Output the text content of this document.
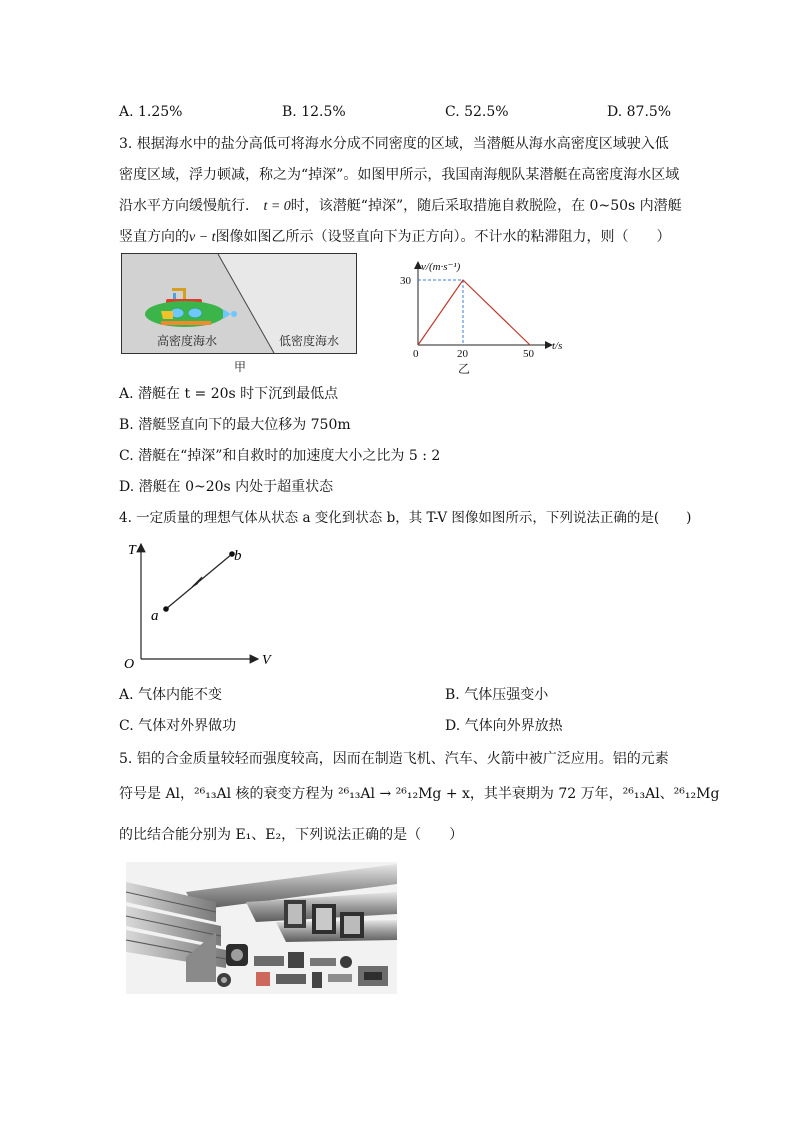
A. 1.25%	B. 12.5%	C. 52.5%	D. 87.5%
3. 根据海水中的盐分高低可将海水分成不同密度的区域，当潜艇从海水高密度区域驶入低
密度区域，浮力顿减，称之为“掉深”。如图甲所示，我国南海舰队某潜艇在高密度海水区域
沿水平方向缓慢航行． t = 0时，该潜艇“掉深”，随后采取措施自救脱险，在 0~50s 内潜艇
竖直方向的v − t图像如图乙所示（设竖直向下为正方向）。不计水的粘滞阻力，则（　　）
高密度海水	低密度海水
甲
v/(m·s⁻¹)
30
0	20	50
t/s
乙
A. 潜艇在 t = 20s 时下沉到最低点
B. 潜艇竖直向下的最大位移为 750m
C. 潜艇在“掉深”和自救时的加速度大小之比为 5 : 2
D. 潜艇在 0~20s 内处于超重状态
4. 一定质量的理想气体从状态 a 变化到状态 b，其 T-V 图像如图所示，下列说法正确的是(　　)
T
V
O
a
b
A. 气体内能不变	B. 气体压强变小
C. 气体对外界做功	D. 气体向外界放热
5. 铝的合金质量较轻而强度较高，因而在制造飞机、汽车、火箭中被广泛应用。铝的元素
符号是 Al，²⁶₁₃Al 核的衰变方程为 ²⁶₁₃Al → ²⁶₁₂Mg + x，其半衰期为 72 万年，²⁶₁₃Al、²⁶₁₂Mg
的比结合能分别为 E₁、E₂，下列说法正确的是（　　）
